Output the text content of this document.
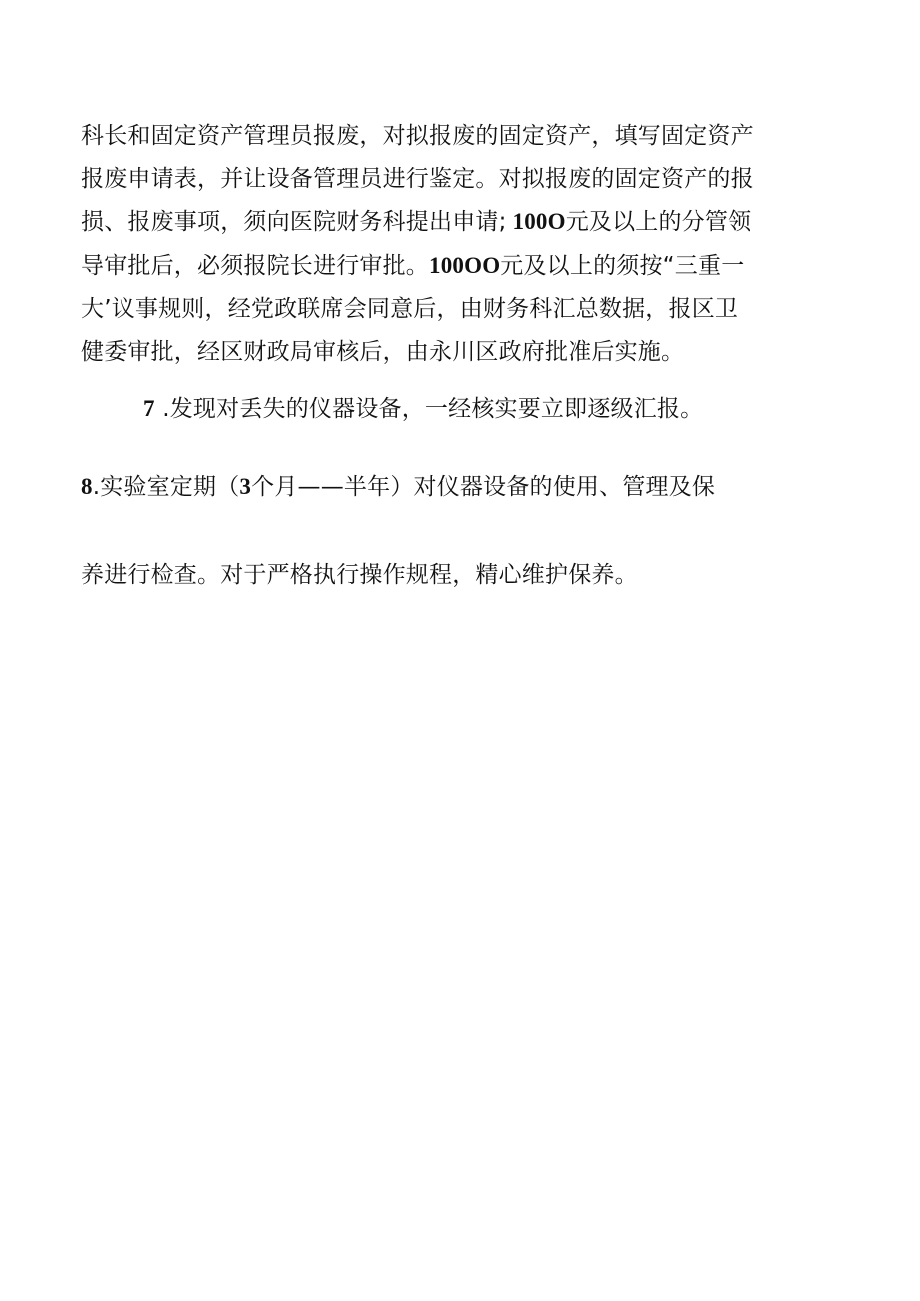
科长和固定资产管理员报废，对拟报废的固定资产，填写固定资产
报废申请表，并让设备管理员进行鉴定。对拟报废的固定资产的报
损、报废事项，须向医院财务科提出申请; 100O元及以上的分管领
导审批后，必须报院长进行审批。100OO元及以上的须按“三重一
大’议事规则，经党政联席会同意后，由财务科汇总数据，报区卫
健委审批，经区财政局审核后，由永川区政府批准后实施。
7 .发现对丢失的仪器设备，一经核实要立即逐级汇报。
8.实验室定期（3个月——半年）对仪器设备的使用、管理及保
养进行检查。对于严格执行操作规程，精心维护保养。
